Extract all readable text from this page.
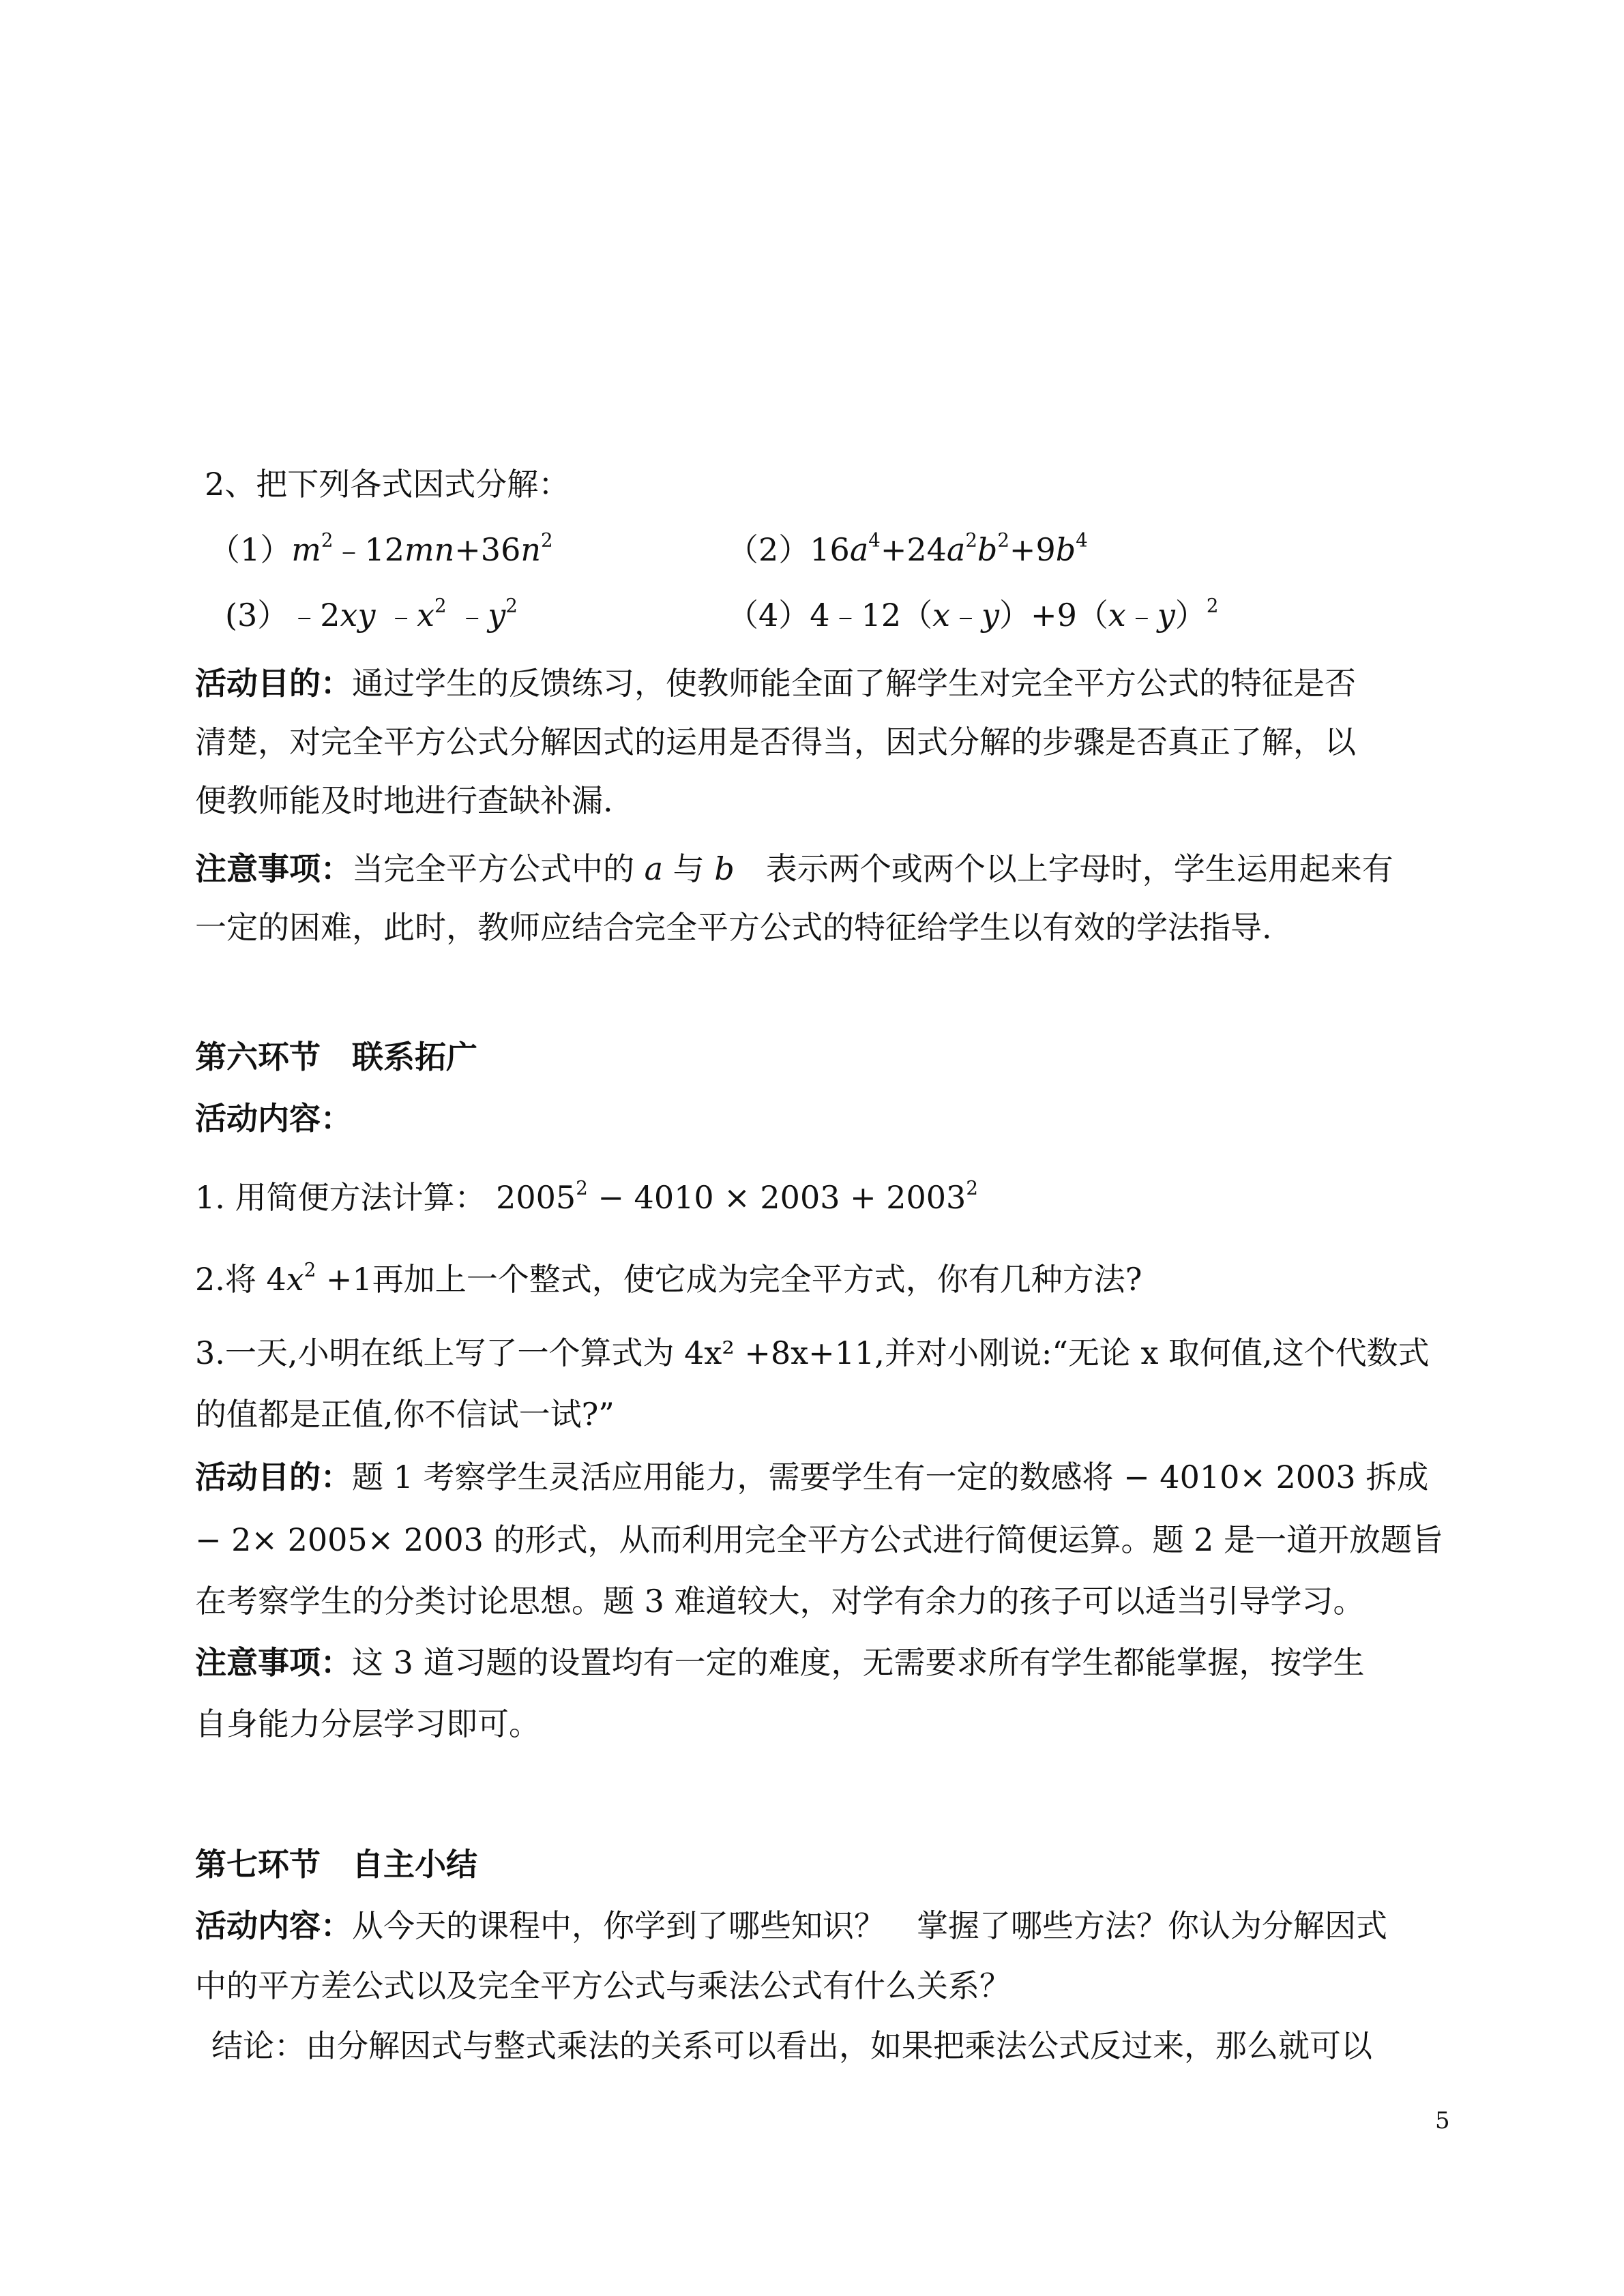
2、把下列各式因式分解：
$(1)m^2﹣12mn+36n^2$	$(2)16a^4+24a^2b^2+9b^4$
(3）﹣2xy $﹣x^2$ $﹣y^2$	（4）4﹣12（x﹣y）+9（x﹣y）$^2$
活动目的：通过学生的反馈练习，使教师能全面了解学生对完全平方公式的特征是否
清楚，对完全平方公式分解因式的运用是否得当，因式分解的步骤是否真正了解，以
便教师能及时地进行查缺补漏.
注意事项：当完全平方公式中的 a 与 b　表示两个或两个以上字母时，学生运用起来有
一定的困难，此时，教师应结合完全平方公式的特征给学生以有效的学法指导.
第六环节　联系拓广
活动内容：
1. 用简便方法计算： $2005^2 - 4010 \times 2003 + 2003^2$
2.将 $4x^2 +1$再加上一个整式，使它成为完全平方式，你有几种方法?
3.一天,小明在纸上写了一个算式为 4x² +8x+11,并对小刚说:“无论 x 取何值,这个代数式
的值都是正值,你不信试一试?”
活动目的：题 1 考察学生灵活应用能力，需要学生有一定的数感将 − 4010× 2003 拆成
− 2× 2005× 2003 的形式，从而利用完全平方公式进行简便运算。题 2 是一道开放题旨
在考察学生的分类讨论思想。题 3 难道较大，对学有余力的孩子可以适当引导学习。
注意事项：这 3 道习题的设置均有一定的难度，无需要求所有学生都能掌握，按学生
自身能力分层学习即可。
第七环节　自主小结
活动内容：从今天的课程中，你学到了哪些知识？　掌握了哪些方法？你认为分解因式
中的平方差公式以及完全平方公式与乘法公式有什么关系？
结论：由分解因式与整式乘法的关系可以看出，如果把乘法公式反过来，那么就可以
5
